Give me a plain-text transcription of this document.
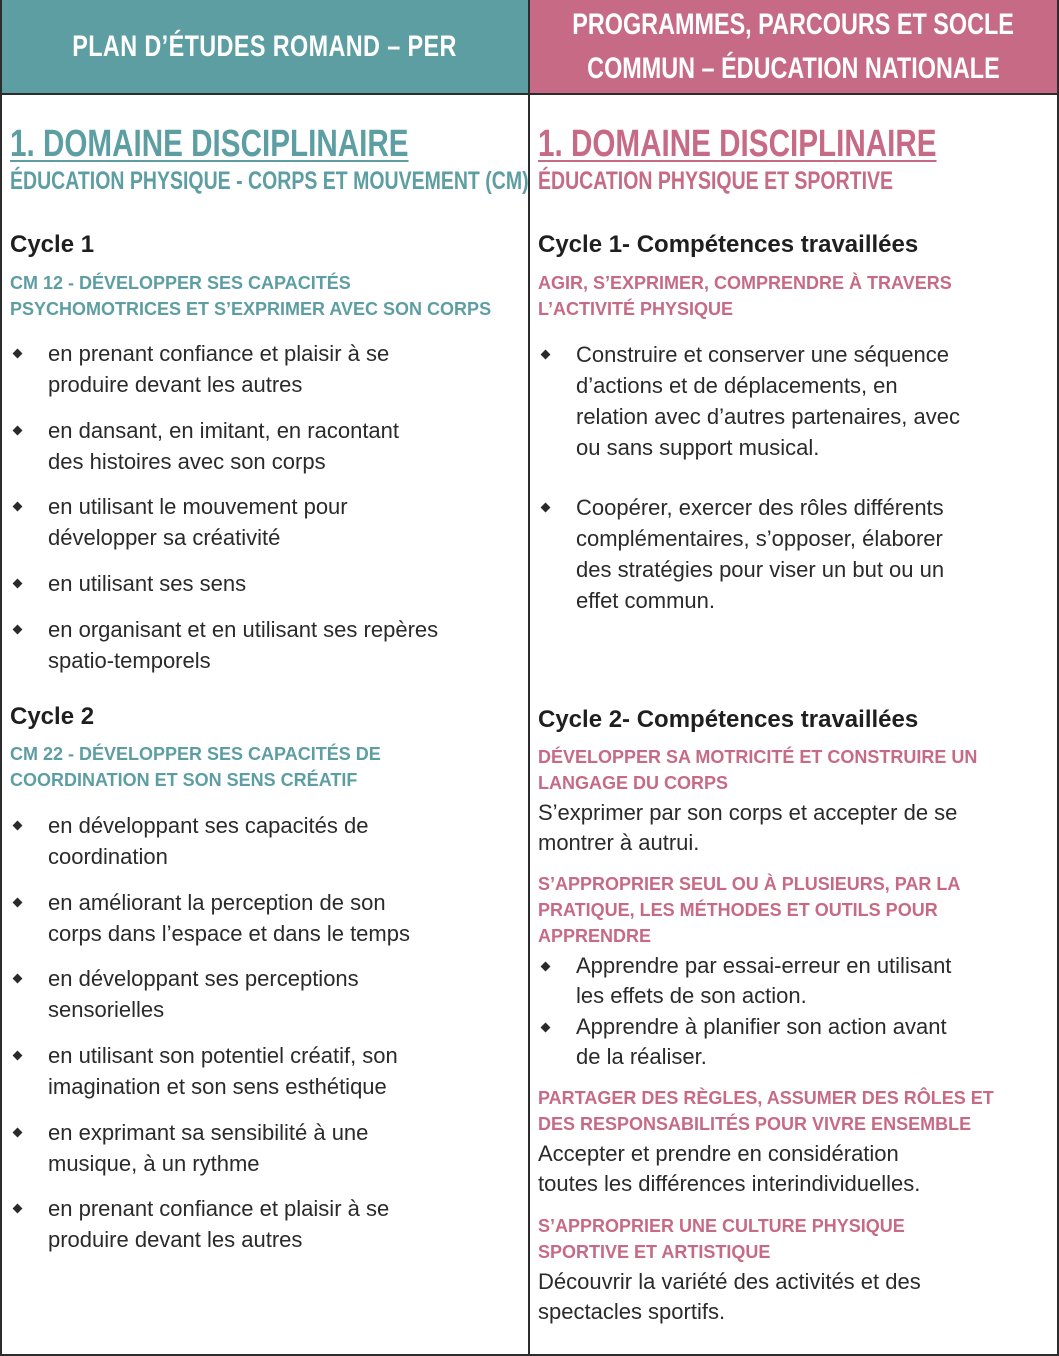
PLAN D’ÉTUDES ROMAND – PER
PROGRAMMES, PARCOURS ET SOCLE
COMMUN – ÉDUCATION NATIONALE
1. DOMAINE DISCIPLINAIRE
ÉDUCATION PHYSIQUE - CORPS ET MOUVEMENT (CM)
Cycle 1
CM 12 - DÉVELOPPER SES CAPACITÉS
PSYCHOMOTRICES ET S’EXPRIMER AVEC SON CORPS
en prenant confiance et plaisir à se
produire devant les autres
en dansant, en imitant, en racontant
des histoires avec son corps
en utilisant le mouvement pour
développer sa créativité
en utilisant ses sens
en organisant et en utilisant ses repères
spatio-temporels
Cycle 2
CM 22 - DÉVELOPPER SES CAPACITÉS DE
COORDINATION ET SON SENS CRÉATIF
en développant ses capacités de
coordination
en améliorant la perception de son
corps dans l’espace et dans le temps
en développant ses perceptions
sensorielles
en utilisant son potentiel créatif, son
imagination et son sens esthétique
en exprimant sa sensibilité à une
musique, à un rythme
en prenant confiance et plaisir à se
produire devant les autres
1. DOMAINE DISCIPLINAIRE
ÉDUCATION PHYSIQUE ET SPORTIVE
Cycle 1- Compétences travaillées
AGIR, S’EXPRIMER, COMPRENDRE À TRAVERS
L’ACTIVITÉ PHYSIQUE
Construire et conserver une séquence
d’actions et de déplacements, en
relation avec d’autres partenaires, avec
ou sans support musical.
Coopérer, exercer des rôles différents
complémentaires, s’opposer, élaborer
des stratégies pour viser un but ou un
effet commun.
Cycle 2- Compétences travaillées
DÉVELOPPER SA MOTRICITÉ ET CONSTRUIRE UN
LANGAGE DU CORPS
S’exprimer par son corps et accepter de se
montrer à autrui.
S’APPROPRIER SEUL OU À PLUSIEURS, PAR LA
PRATIQUE, LES MÉTHODES ET OUTILS POUR
APPRENDRE
Apprendre par essai-erreur en utilisant
les effets de son action.
Apprendre à planifier son action avant
de la réaliser.
PARTAGER DES RÈGLES, ASSUMER DES RÔLES ET
DES RESPONSABILITÉS POUR VIVRE ENSEMBLE
Accepter et prendre en considération
toutes les différences interindividuelles.
S’APPROPRIER UNE CULTURE PHYSIQUE
SPORTIVE ET ARTISTIQUE
Découvrir la variété des activités et des
spectacles sportifs.
